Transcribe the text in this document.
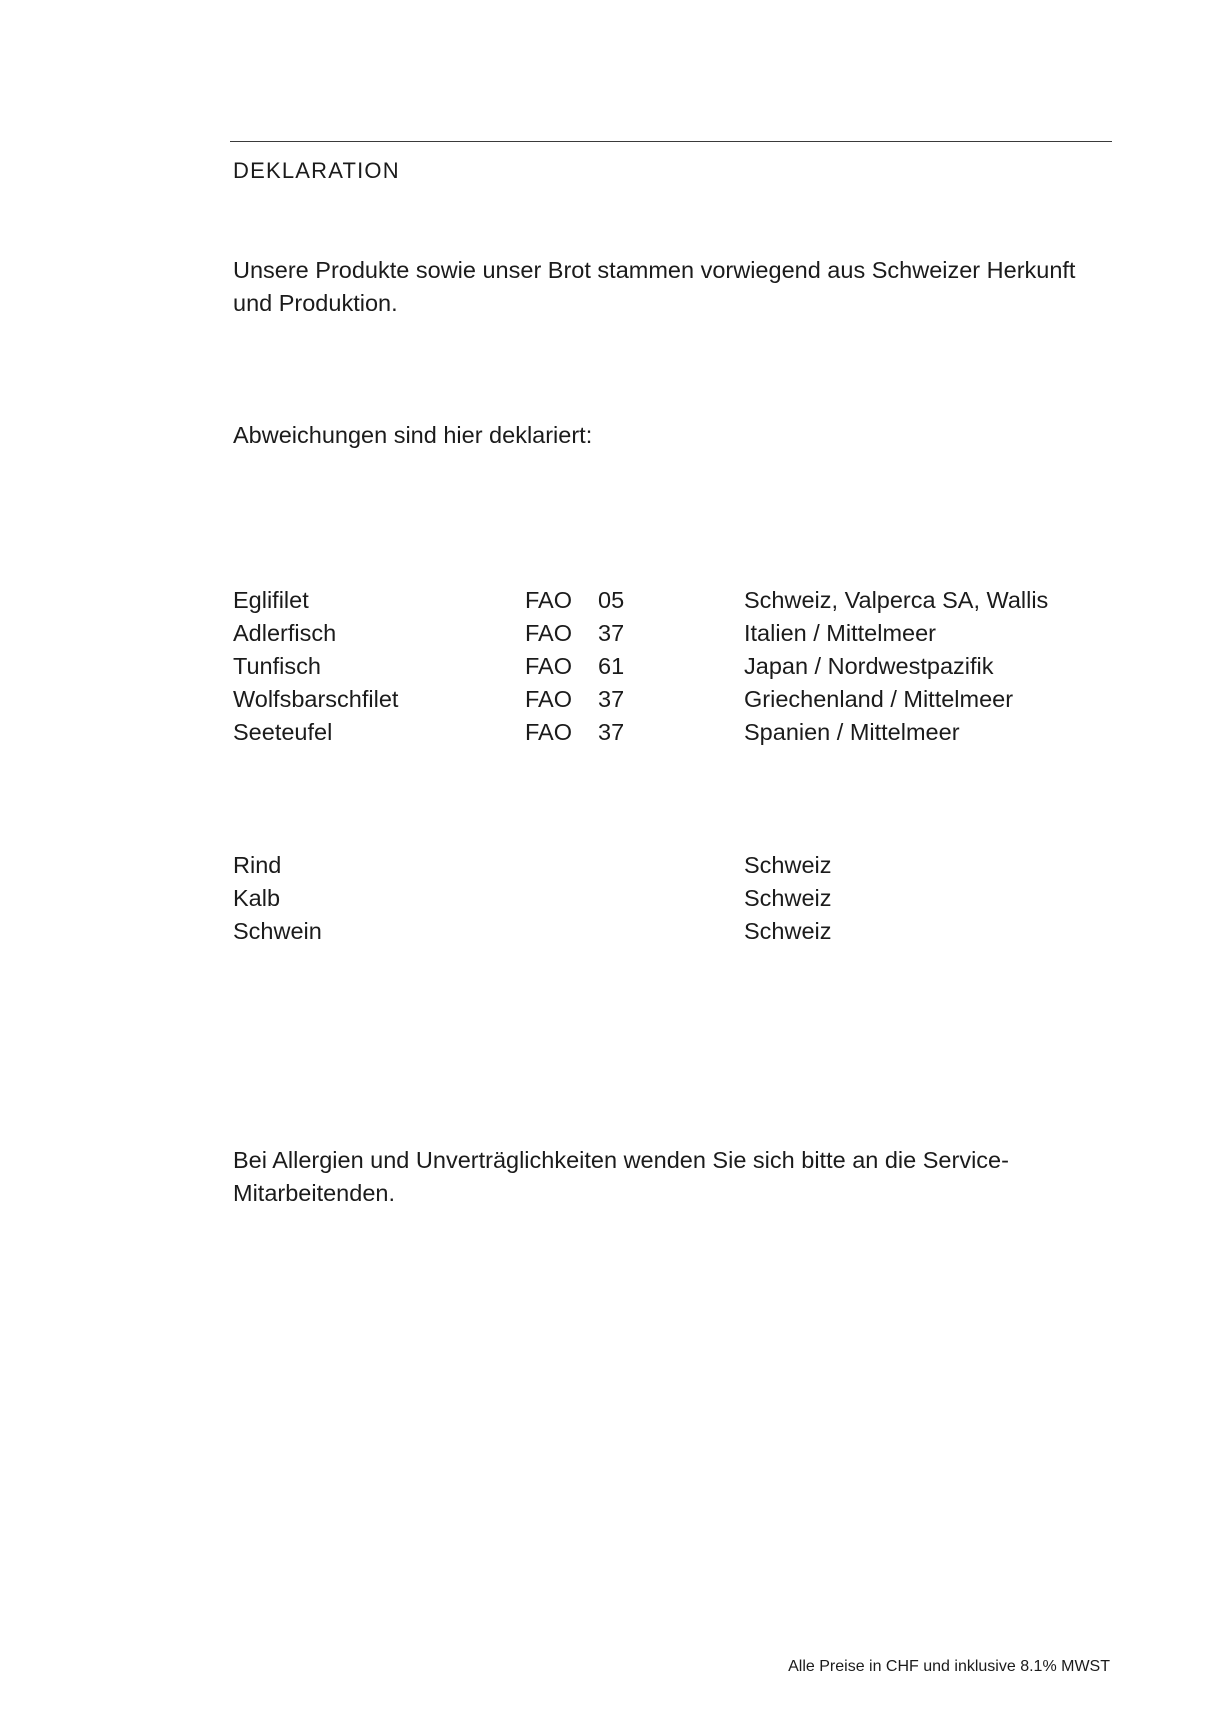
DEKLARATION

Unsere Produkte sowie unser Brot stammen vorwiegend aus Schweizer Herkunft und Produktion.

Abweichungen sind hier deklariert:

Eglifilet	FAO 05	Schweiz, Valperca SA, Wallis
Adlerfisch	FAO 37	Italien / Mittelmeer
Tunfisch	FAO 61	Japan / Nordwestpazifik
Wolfsbarschfilet	FAO 37	Griechenland / Mittelmeer
Seeteufel	FAO 37	Spanien / Mittelmeer
Rind	Schweiz
Kalb	Schweiz
Schwein	Schweiz

Bei Allergien und Unverträglichkeiten wenden Sie sich bitte an die Service-Mitarbeitenden.

Alle Preise in CHF und inklusive 8.1% MWST
